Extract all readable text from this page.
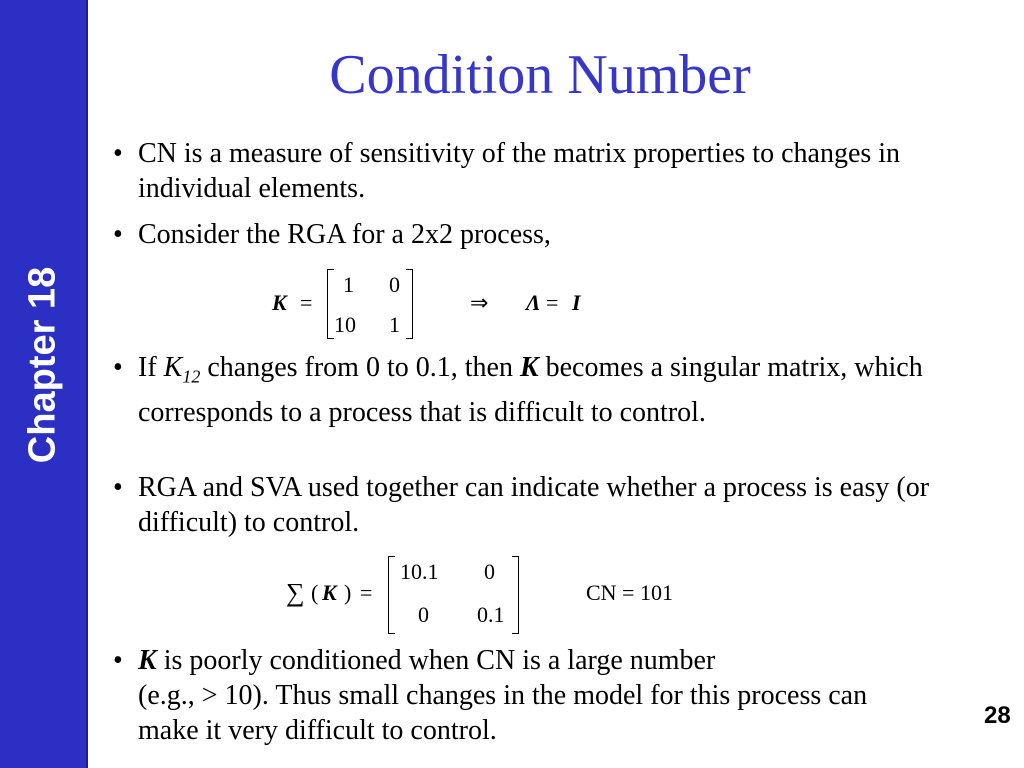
Chapter 18
Condition Number
• CN is a measure of sensitivity of the matrix properties to changes in individual elements.
• Consider the RGA for a 2x2 process,
K =
1 0
10 1
⇒ Λ = I
• If $K_{12}$ changes from 0 to 0.1, then K becomes a singular matrix, which corresponds to a process that is difficult to control.
• RGA and SVA used together can indicate whether a process is easy (or difficult) to control.
∑ ( K ) =
10.1 0
0 0.1
CN = 101
• K is poorly conditioned when CN is a large number
(e.g., > 10). Thus small changes in the model for this process can make it very difficult to control.	28
